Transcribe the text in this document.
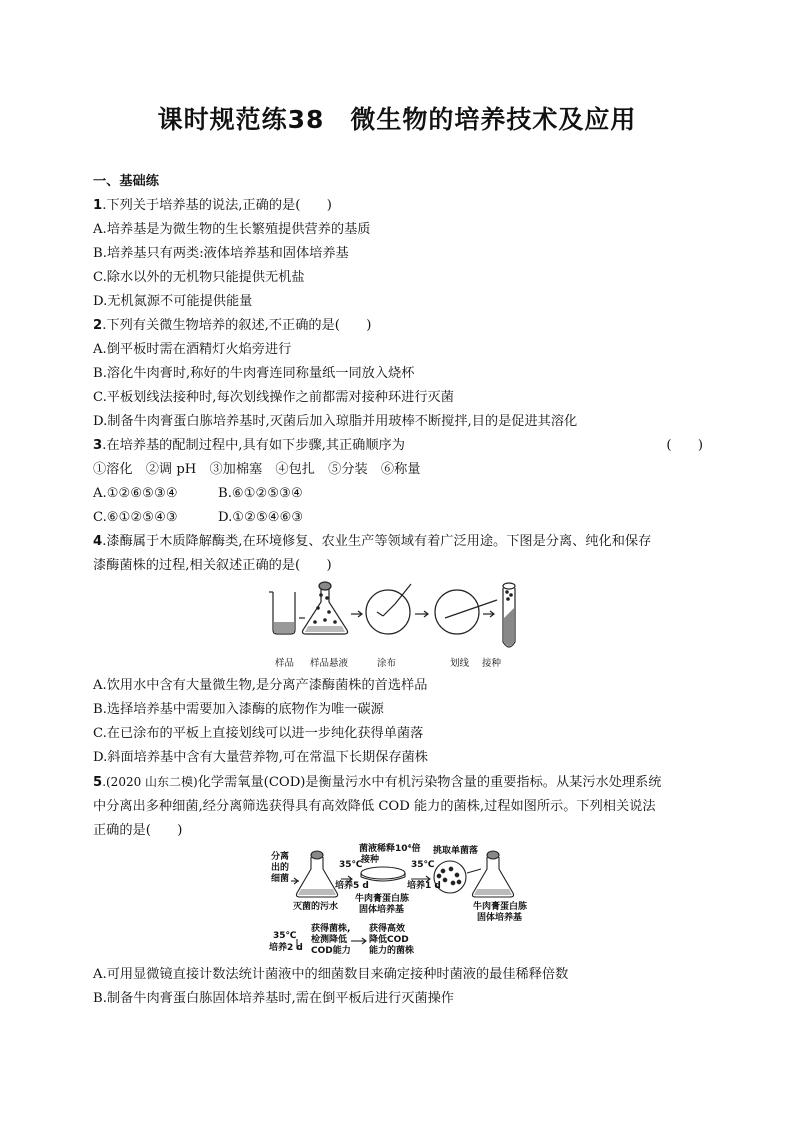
课时规范练38　微生物的培养技术及应用
一、基础练
1.下列关于培养基的说法,正确的是(　　)
A.培养基是为微生物的生长繁殖提供营养的基质
B.培养基只有两类:液体培养基和固体培养基
C.除水以外的无机物只能提供无机盐
D.无机氮源不可能提供能量
2.下列有关微生物培养的叙述,不正确的是(　　)
A.倒平板时需在酒精灯火焰旁进行
B.溶化牛肉膏时,称好的牛肉膏连同称量纸一同放入烧杯
C.平板划线法接种时,每次划线操作之前都需对接种环进行灭菌
D.制备牛肉膏蛋白胨培养基时,灭菌后加入琼脂并用玻棒不断搅拌,目的是促进其溶化
3.在培养基的配制过程中,具有如下步骤,其正确顺序为	(　　)
①溶化　②调 pH　③加棉塞　④包扎　⑤分装　⑥称量
A.①②⑥⑤③④	B.⑥①②⑤③④
C.⑥①②⑤④③	D.①②⑤④⑥③
4.漆酶属于木质降解酶类,在环境修复、农业生产等领域有着广泛用途。下图是分离、纯化和保存
漆酶菌株的过程,相关叙述正确的是(　　)
样品 样品悬液	涂布	划线 接种
A.饮用水中含有大量微生物,是分离产漆酶菌株的首选样品
B.选择培养基中需要加入漆酶的底物作为唯一碳源
C.在已涂布的平板上直接划线可以进一步纯化获得单菌落
D.斜面培养基中含有大量营养物,可在常温下长期保存菌株
5.(2020 山东二模)化学需氧量(COD)是衡量污水中有机污染物含量的重要指标。从某污水处理系统
中分离出多种细菌,经分离筛选获得具有高效降低 COD 能力的菌株,过程如图所示。下列相关说法
正确的是(　　)
分离
出的
细菌
菌液稀释10⁴倍
接种
35℃
培养5 d
35℃
培养1 d
挑取单菌落
灭菌的污水
牛肉膏蛋白胨
固体培养基	牛肉膏蛋白胨
固体培养基
35℃
培养2 d
获得菌株,
检测降低
COD能力
获得高效
降低COD
能力的菌株
A.可用显微镜直接计数法统计菌液中的细菌数目来确定接种时菌液的最佳稀释倍数
B.制备牛肉膏蛋白胨固体培养基时,需在倒平板后进行灭菌操作
